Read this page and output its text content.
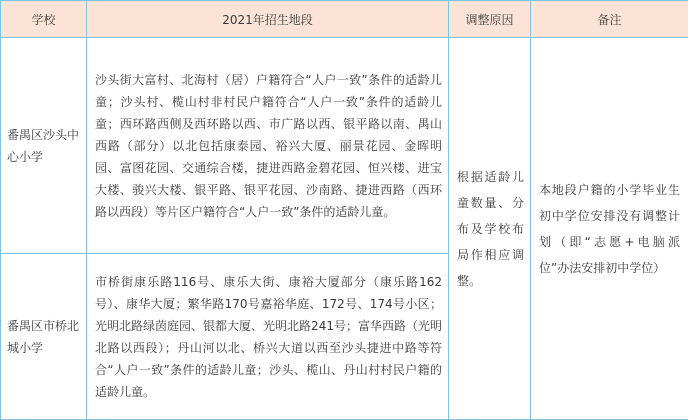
学校	2021年招生地段	调整原因	备注
番禺区沙头中心小学	沙头街大富村、北海村（居）户籍符合“人户一致”条件的适龄儿童；沙头村、榄山村非村民户籍符合“人户一致”条件的适龄儿童；西环路西侧及西环路以西、市广路以西、银平路以南、禺山西路（部分）以北包括康泰园、裕兴大厦、丽景花园、金晖明园、富图花园、交通综合楼，捷进西路金碧花园、恒兴楼、进宝大楼、骏兴大楼、银平路、银平花园、沙南路、捷进西路（西环路以西段）等片区户籍符合“人户一致”条件的适龄儿童。	根据适龄儿童数量、分布及学校布局作相应调整。	本地段户籍的小学毕业生初中学位安排没有调整计划（即“志愿+电脑派位”办法安排初中学位）
番禺区市桥北城小学	市桥街康乐路116号、康乐大街、康裕大厦部分（康乐路162号）、康华大厦；繁华路170号嘉裕华庭、172号、174号小区；光明北路绿茵庭园、银都大厦、光明北路241号；富华西路（光明北路以西段）；丹山河以北、桥兴大道以西至沙头捷进中路等符合“人户一致”条件的适龄儿童；沙头、榄山、丹山村村民户籍的适龄儿童。		
